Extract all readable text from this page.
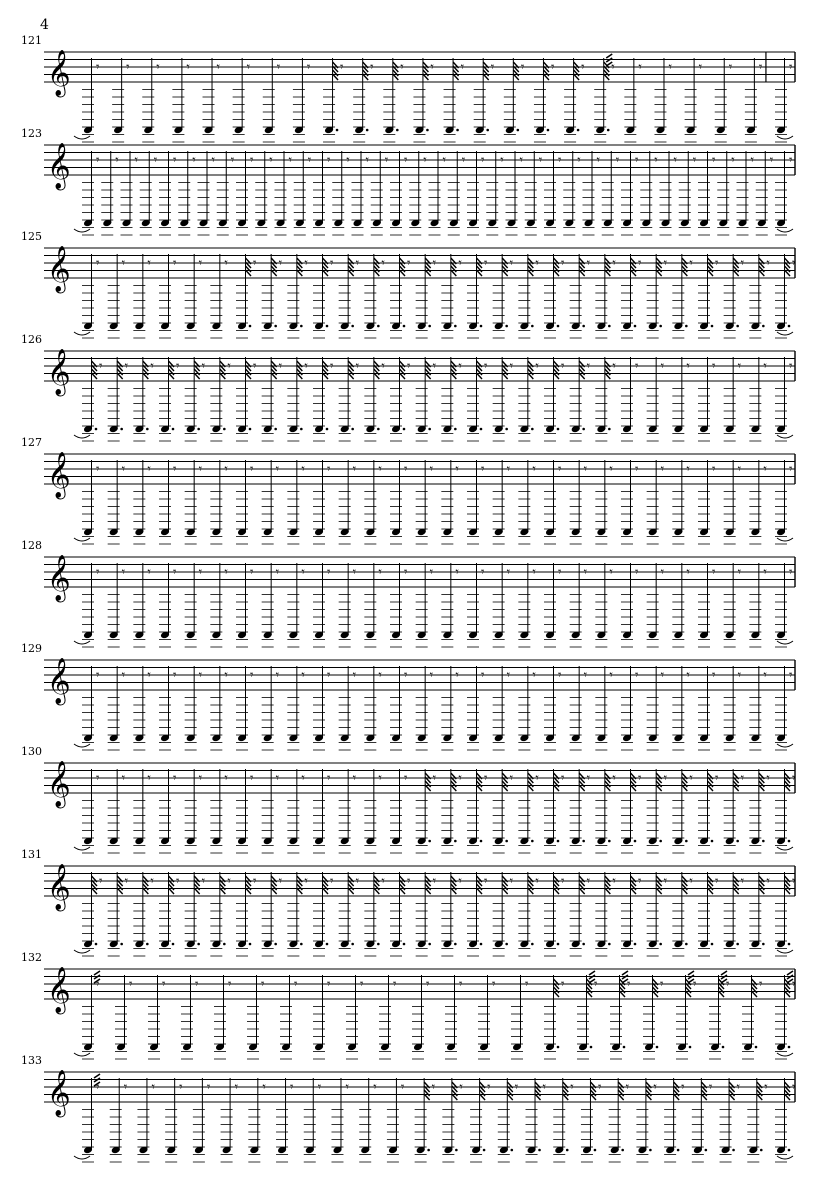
4
121
𝄞 𝄾 𝄾 𝄾 𝄾 𝄾 𝄾 𝄾 𝄾 𝄾 𝄾 𝄾 𝄾 𝄾 𝄾 𝄾 𝄾 𝄾 𝄾 𝄾 𝄾 𝄾 𝄾 𝄾 𝄾
123
𝄞 𝄾 𝄾 𝄾 𝄾 𝄾 𝄾 𝄾 𝄾 𝄾 𝄾 𝄾 𝄾 𝄾 𝄾 𝄾 𝄾 𝄾 𝄾 𝄾 𝄾 𝄾 𝄾 𝄾 𝄾 𝄾 𝄾 𝄾 𝄾 𝄾 𝄾 𝄾 𝄾 𝄾 𝄾 𝄾 𝄾 𝄾
125
𝄞 𝄾 𝄾 𝄾 𝄾 𝄾 𝄾 𝄾 𝄾 𝄾 𝄾 𝄾 𝄾 𝄾 𝄾 𝄾 𝄾 𝄾 𝄾 𝄾 𝄾 𝄾 𝄾 𝄾 𝄾 𝄾 𝄾 𝄾 𝄾
126
𝄞 𝄾 𝄾 𝄾 𝄾 𝄾 𝄾 𝄾 𝄾 𝄾 𝄾 𝄾 𝄾 𝄾 𝄾 𝄾 𝄾 𝄾 𝄾 𝄾 𝄾 𝄾 𝄾 𝄾 𝄾 𝄾 𝄾 𝄾 𝄾
127
𝄞 𝄾 𝄾 𝄾 𝄾 𝄾 𝄾 𝄾 𝄾 𝄾 𝄾 𝄾 𝄾 𝄾 𝄾 𝄾 𝄾 𝄾 𝄾 𝄾 𝄾 𝄾 𝄾 𝄾 𝄾 𝄾 𝄾 𝄾 𝄾
128
𝄞 𝄾 𝄾 𝄾 𝄾 𝄾 𝄾 𝄾 𝄾 𝄾 𝄾 𝄾 𝄾 𝄾 𝄾 𝄾 𝄾 𝄾 𝄾 𝄾 𝄾 𝄾 𝄾 𝄾 𝄾 𝄾 𝄾 𝄾 𝄾
129
𝄞 𝄾 𝄾 𝄾 𝄾 𝄾 𝄾 𝄾 𝄾 𝄾 𝄾 𝄾 𝄾 𝄾 𝄾 𝄾 𝄾 𝄾 𝄾 𝄾 𝄾 𝄾 𝄾 𝄾 𝄾 𝄾 𝄾 𝄾 𝄾
130
𝄞 𝄾 𝄾 𝄾 𝄾 𝄾 𝄾 𝄾 𝄾 𝄾 𝄾 𝄾 𝄾 𝄾 𝄾 𝄾 𝄾 𝄾 𝄾 𝄾 𝄾 𝄾 𝄾 𝄾 𝄾 𝄾 𝄾 𝄾 𝄾
131
𝄞 𝄾 𝄾 𝄾 𝄾 𝄾 𝄾 𝄾 𝄾 𝄾 𝄾 𝄾 𝄾 𝄾 𝄾 𝄾 𝄾 𝄾 𝄾 𝄾 𝄾 𝄾 𝄾 𝄾 𝄾 𝄾 𝄾 𝄾 𝄾
132
𝄞 𝄾 𝄾 𝄾 𝄾 𝄾 𝄾 𝄾 𝄾 𝄾 𝄾 𝄾 𝄾 𝄾 𝄾	𝄾 𝄾 𝄾 𝄾 𝄾 𝄾 𝄾 𝄾
133
𝄞 𝄾 𝄾 𝄾 𝄾 𝄾 𝄾 𝄾 𝄾 𝄾 𝄾 𝄾 𝄾 𝄾 𝄾 𝄾 𝄾 𝄾 𝄾 𝄾 𝄾 𝄾 𝄾 𝄾 𝄾 𝄾 𝄾
